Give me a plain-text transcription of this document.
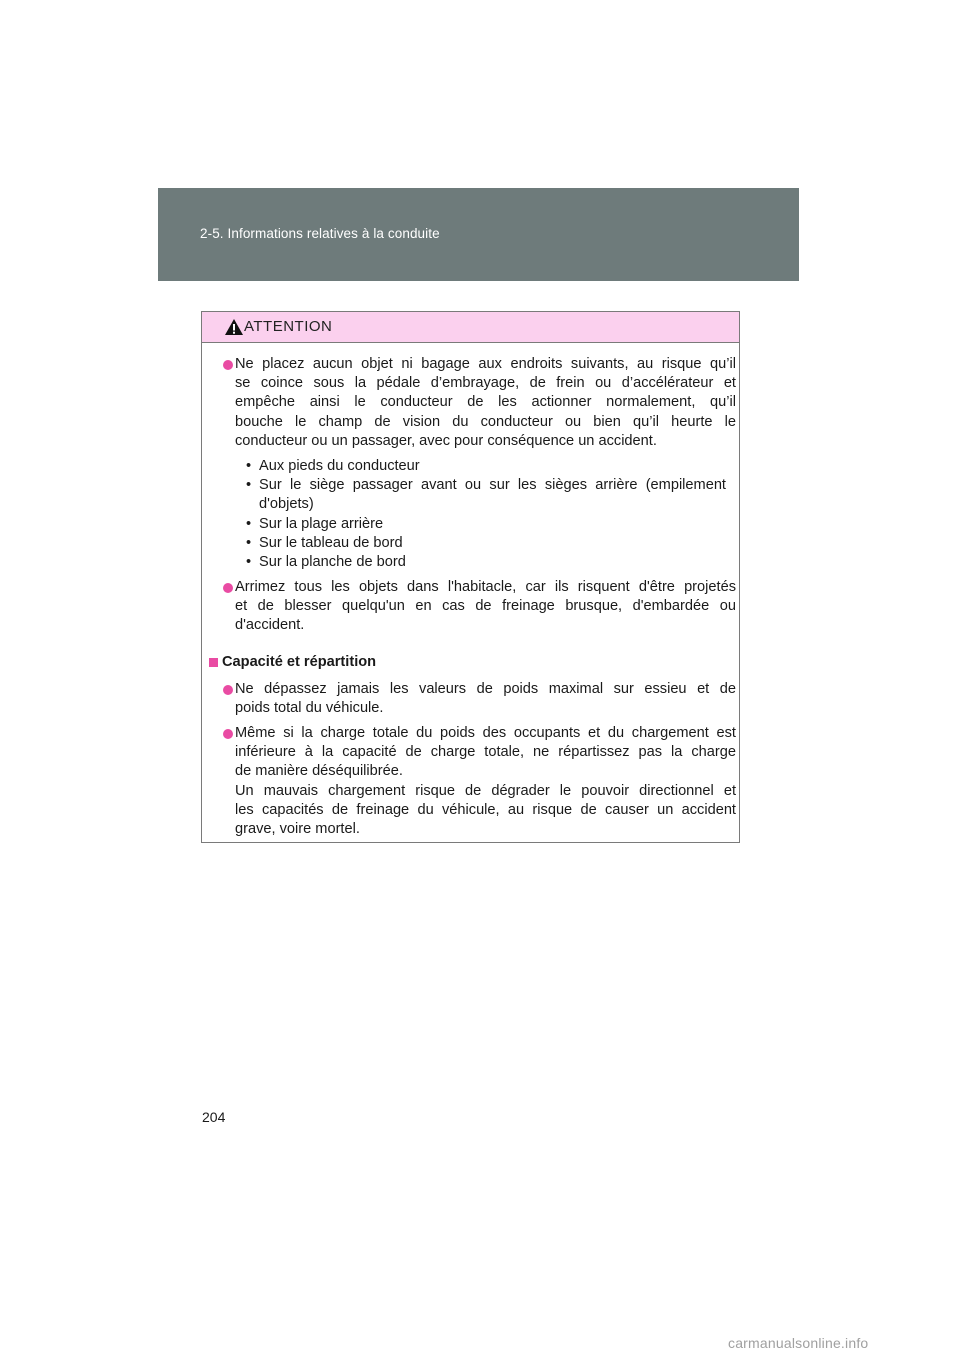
2-5. Informations relatives à la conduite
ATTENTION
Ne placez aucun objet ni bagage aux endroits suivants, au risque qu’il
se coince sous la pédale d’embrayage, de frein ou d’accélérateur et
empêche ainsi le conducteur de les actionner normalement, qu’il
bouche le champ de vision du conducteur ou bien qu’il heurte le
conducteur ou un passager, avec pour conséquence un accident.
• Aux pieds du conducteur
• Sur le siège passager avant ou sur les sièges arrière (empilement
d'objets)
• Sur la plage arrière
• Sur le tableau de bord
• Sur la planche de bord
Arrimez tous les objets dans l'habitacle, car ils risquent d'être projetés
et de blesser quelqu'un en cas de freinage brusque, d'embardée ou
d'accident.
Capacité et répartition
Ne dépassez jamais les valeurs de poids maximal sur essieu et de
poids total du véhicule.
Même si la charge totale du poids des occupants et du chargement est
inférieure à la capacité de charge totale, ne répartissez pas la charge
de manière déséquilibrée.
Un mauvais chargement risque de dégrader le pouvoir directionnel et
les capacités de freinage du véhicule, au risque de causer un accident
grave, voire mortel.
204
carmanualsonline.info
